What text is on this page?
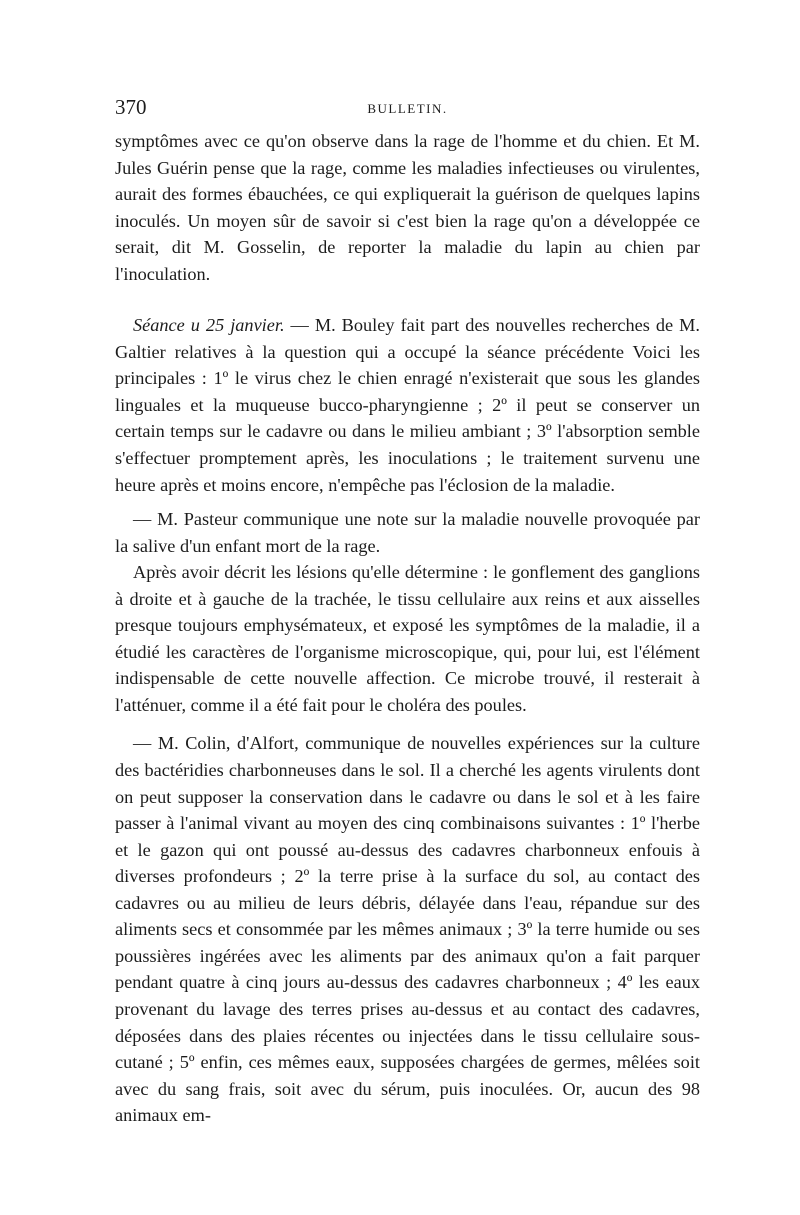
370	BULLETIN.

symptômes avec ce qu'on observe dans la rage de l'homme et du chien. Et M. Jules Guérin pense que la rage, comme les maladies infectieuses ou virulentes, aurait des formes ébauchées, ce qui expliquerait la guérison de quelques lapins inoculés. Un moyen sûr de savoir si c'est bien la rage qu'on a développée ce serait, dit M. Gosselin, de reporter la maladie du lapin au chien par l'inoculation.

Séance u 25 janvier. — M. Bouley fait part des nouvelles recherches de M. Galtier relatives à la question qui a occupé la séance précédente Voici les principales : 1º le virus chez le chien enragé n'existerait que sous les glandes linguales et la muqueuse bucco-pharyngienne ; 2º il peut se conserver un certain temps sur le cadavre ou dans le milieu ambiant ; 3º l'absorption semble s'effectuer promptement après, les inoculations ; le traitement survenu une heure après et moins encore, n'empêche pas l'éclosion de la maladie.

— M. Pasteur communique une note sur la maladie nouvelle provoquée par la salive d'un enfant mort de la rage.

Après avoir décrit les lésions qu'elle détermine : le gonflement des ganglions à droite et à gauche de la trachée, le tissu cellulaire aux reins et aux aisselles presque toujours emphysémateux, et exposé les symptômes de la maladie, il a étudié les caractères de l'organisme microscopique, qui, pour lui, est l'élément indispensable de cette nouvelle affection. Ce microbe trouvé, il resterait à l'atténuer, comme il a été fait pour le choléra des poules.

— M. Colin, d'Alfort, communique de nouvelles expériences sur la culture des bactéridies charbonneuses dans le sol. Il a cherché les agents virulents dont on peut supposer la conservation dans le cadavre ou dans le sol et à les faire passer à l'animal vivant au moyen des cinq combinaisons suivantes : 1º l'herbe et le gazon qui ont poussé au-dessus des cadavres charbonneux enfouis à diverses profondeurs ; 2º la terre prise à la surface du sol, au contact des cadavres ou au milieu de leurs débris, délayée dans l'eau, répandue sur des aliments secs et consommée par les mêmes animaux ; 3º la terre humide ou ses poussières ingérées avec les aliments par des animaux qu'on a fait parquer pendant quatre à cinq jours au-dessus des cadavres charbonneux ; 4º les eaux provenant du lavage des terres prises au-dessus et au contact des cadavres, déposées dans des plaies récentes ou injectées dans le tissu cellulaire sous-cutané ; 5º enfin, ces mêmes eaux, supposées chargées de germes, mêlées soit avec du sang frais, soit avec du sérum, puis inoculées. Or, aucun des 98 animaux em-
